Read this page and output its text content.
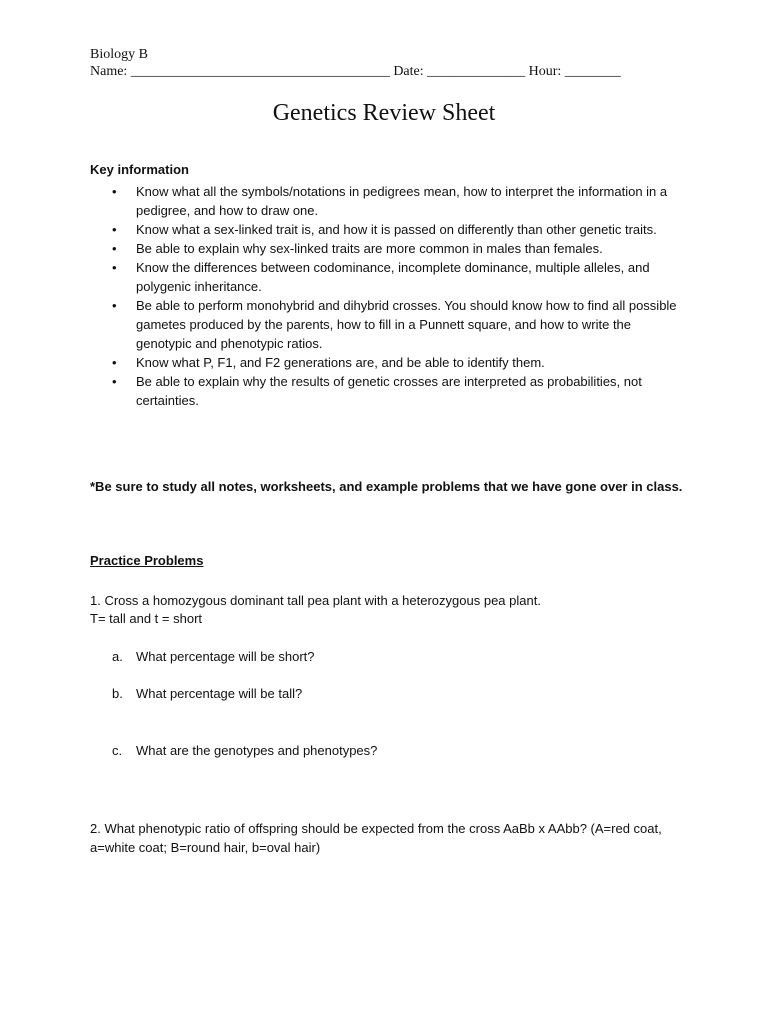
Biology B
Name: _____________________________________ Date: ______________ Hour: ________
Genetics Review Sheet
Key information
• Know what all the symbols/notations in pedigrees mean, how to interpret the information in a pedigree, and how to draw one.
• Know what a sex-linked trait is, and how it is passed on differently than other genetic traits.
• Be able to explain why sex-linked traits are more common in males than females.
• Know the differences between codominance, incomplete dominance, multiple alleles, and polygenic inheritance.
• Be able to perform monohybrid and dihybrid crosses. You should know how to find all possible gametes produced by the parents, how to fill in a Punnett square, and how to write the genotypic and phenotypic ratios.
• Know what P, F1, and F2 generations are, and be able to identify them.
• Be able to explain why the results of genetic crosses are interpreted as probabilities, not certainties.
*Be sure to study all notes, worksheets, and example problems that we have gone over in class.
Practice Problems
1. Cross a homozygous dominant tall pea plant with a heterozygous pea plant.
T= tall and t = short
a. What percentage will be short?
b. What percentage will be tall?
c. What are the genotypes and phenotypes?
2. What phenotypic ratio of offspring should be expected from the cross AaBb x AAbb? (A=red coat, a=white coat; B=round hair, b=oval hair)
